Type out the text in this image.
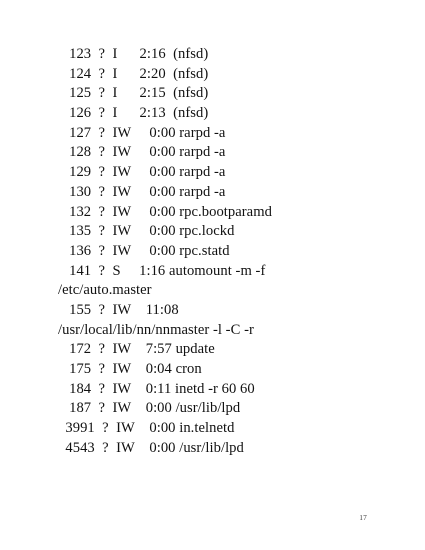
123  ?  I      2:16  (nfsd)
124  ?  I      2:20  (nfsd)
125  ?  I      2:15  (nfsd)
126  ?  I      2:13  (nfsd)
127  ?  IW     0:00 rarpd -a
128  ?  IW     0:00 rarpd -a
129  ?  IW     0:00 rarpd -a
130  ?  IW     0:00 rarpd -a
132  ?  IW     0:00 rpc.bootparamd
135  ?  IW     0:00 rpc.lockd
136  ?  IW     0:00 rpc.statd
141  ?  S     1:16 automount -m -f
/etc/auto.master
155  ?  IW    11:08
/usr/local/lib/nn/nnmaster -l -C -r
172  ?  IW    7:57 update
175  ?  IW    0:04 cron
184  ?  IW    0:11 inetd -r 60 60
187  ?  IW    0:00 /usr/lib/lpd
3991  ?  IW    0:00 in.telnetd
4543  ?  IW    0:00 /usr/lib/lpd
17
